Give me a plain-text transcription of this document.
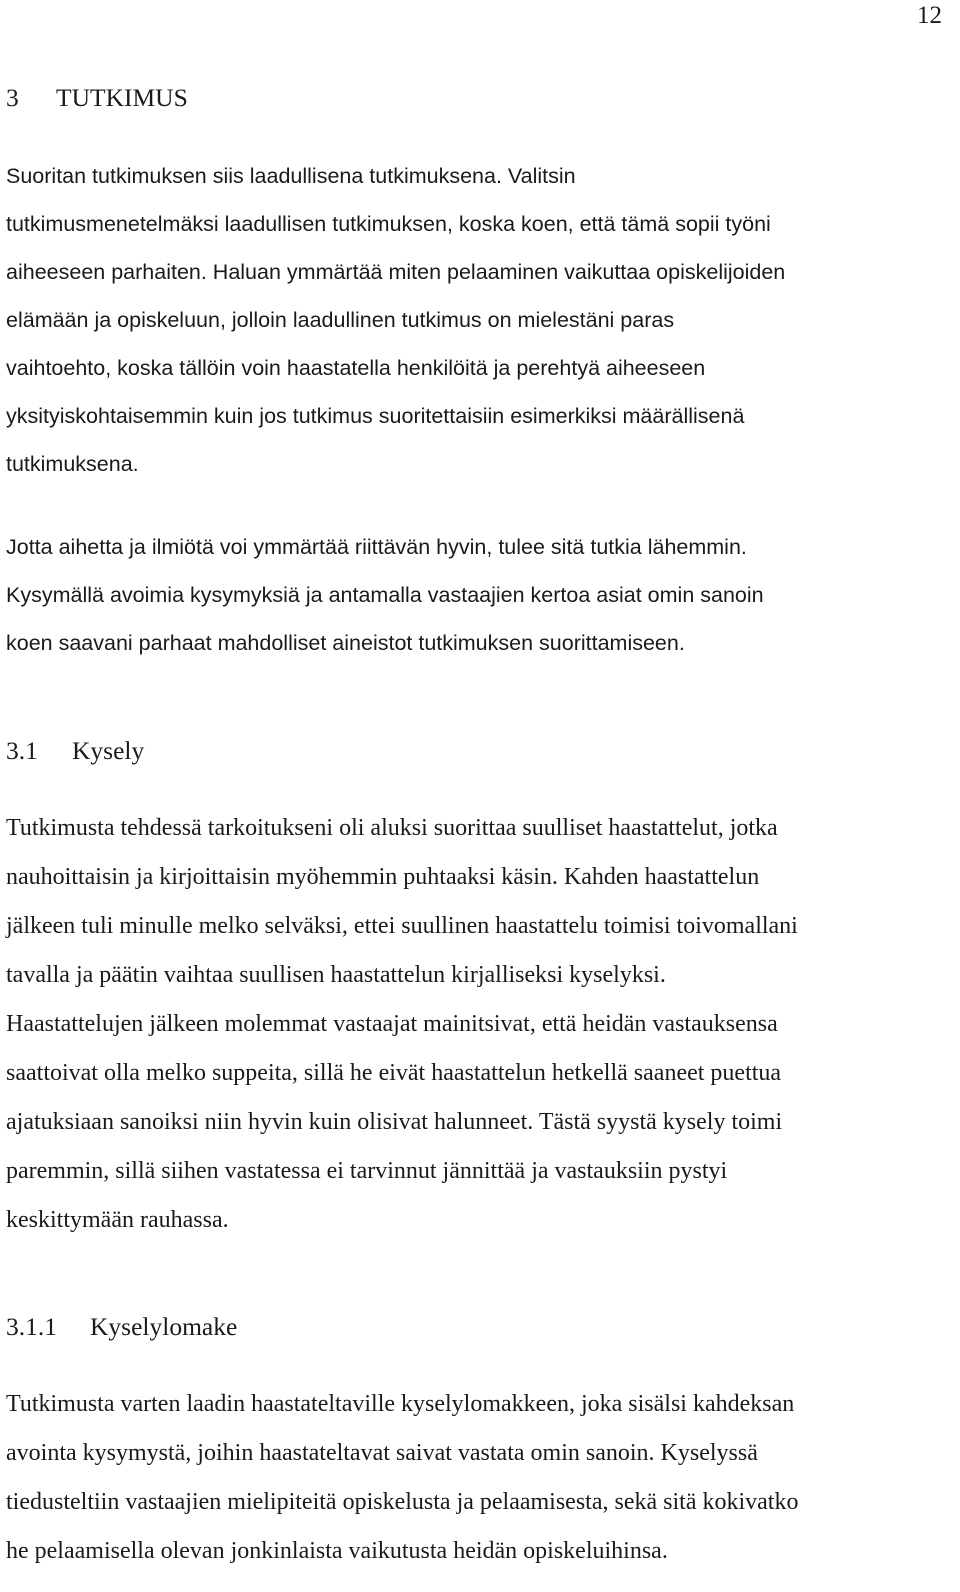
12
3 TUTKIMUS
Suoritan tutkimuksen siis laadullisena tutkimuksena. Valitsin
tutkimusmenetelmäksi laadullisen tutkimuksen, koska koen, että tämä sopii työni
aiheeseen parhaiten. Haluan ymmärtää miten pelaaminen vaikuttaa opiskelijoiden
elämään ja opiskeluun, jolloin laadullinen tutkimus on mielestäni paras
vaihtoehto, koska tällöin voin haastatella henkilöitä ja perehtyä aiheeseen
yksityiskohtaisemmin kuin jos tutkimus suoritettaisiin esimerkiksi määrällisenä
tutkimuksena.
Jotta aihetta ja ilmiötä voi ymmärtää riittävän hyvin, tulee sitä tutkia lähemmin.
Kysymällä avoimia kysymyksiä ja antamalla vastaajien kertoa asiat omin sanoin
koen saavani parhaat mahdolliset aineistot tutkimuksen suorittamiseen.
3.1 Kysely
Tutkimusta tehdessä tarkoitukseni oli aluksi suorittaa suulliset haastattelut, jotka
nauhoittaisin ja kirjoittaisin myöhemmin puhtaaksi käsin. Kahden haastattelun
jälkeen tuli minulle melko selväksi, ettei suullinen haastattelu toimisi toivomallani
tavalla ja päätin vaihtaa suullisen haastattelun kirjalliseksi kyselyksi.
Haastattelujen jälkeen molemmat vastaajat mainitsivat, että heidän vastauksensa
saattoivat olla melko suppeita, sillä he eivät haastattelun hetkellä saaneet puettua
ajatuksiaan sanoiksi niin hyvin kuin olisivat halunneet. Tästä syystä kysely toimi
paremmin, sillä siihen vastatessa ei tarvinnut jännittää ja vastauksiin pystyi
keskittymään rauhassa.
3.1.1 Kyselylomake
Tutkimusta varten laadin haastateltaville kyselylomakkeen, joka sisälsi kahdeksan
avointa kysymystä, joihin haastateltavat saivat vastata omin sanoin. Kyselyssä
tiedusteltiin vastaajien mielipiteitä opiskelusta ja pelaamisesta, sekä sitä kokivatko
he pelaamisella olevan jonkinlaista vaikutusta heidän opiskeluihinsa.
